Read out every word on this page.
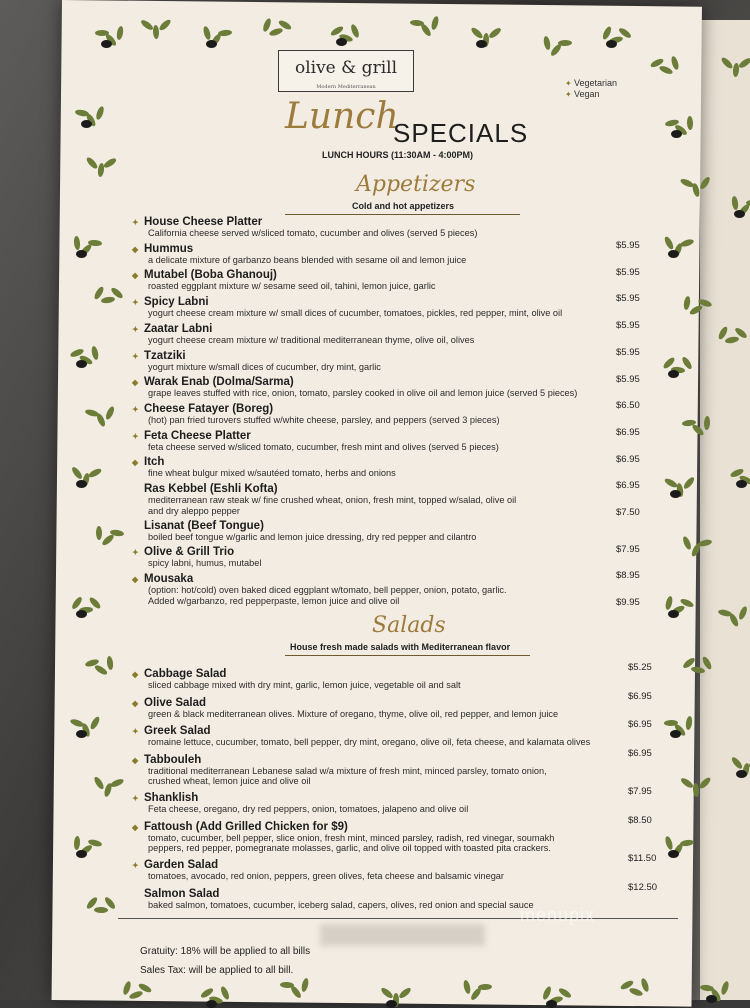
olive & grill
Modern Mediterranean
✦	Vegetarian
✦ Vegan
Lunch
SPECIALS
LUNCH HOURS (11:30AM - 4:00PM)
Appetizers
Cold and hot appetizers
✦ House Cheese Platter
California cheese served w/sliced tomato, cucumber and olives (served 5 pieces)
$5.95
◆ Hummus
a delicate mixture of garbanzo beans blended with sesame oil and lemon juice
$5.95
◆ Mutabel (Boba Ghanouj)
roasted eggplant mixture w/ sesame seed oil, tahini, lemon juice, garlic
$5.95
✦ Spicy Labni
yogurt cheese cream mixture w/ small dices of cucumber, tomatoes, pickles, red pepper, mint, olive oil
$5.95
✦ Zaatar Labni
yogurt cheese cream mixture w/ traditional mediterranean thyme, olive oil, olives
$5.95
✦ Tzatziki
yogurt mixture w/small dices of cucumber, dry mint, garlic
$5.95
◆ Warak Enab (Dolma/Sarma)
grape leaves stuffed with rice, onion, tomato, parsley cooked in olive oil and lemon juice (served 5 pieces)
$6.50
✦ Cheese Fatayer (Boreg)
(hot) pan fried turovers stuffed w/white cheese, parsley, and peppers (served 3 pieces)
$6.95
✦ Feta Cheese Platter
feta cheese served w/sliced tomato, cucumber, fresh mint and olives (served 5 pieces)
$6.95
◆ Itch
fine wheat bulgur mixed w/sautéed tomato, herbs and onions
$6.95
Ras Kebbel (Eshli Kofta)
mediterranean raw steak w/ fine crushed wheat, onion, fresh mint, topped w/salad, olive oil
and dry aleppo pepper	$7.50
Lisanat (Beef Tongue)
boiled beef tongue w/garlic and lemon juice dressing, dry red pepper and cilantro
$7.95
✦ Olive & Grill Trio
spicy labni, humus, mutabel
$8.95
◆ Mousaka
(option: hot/cold) oven baked diced eggplant w/tomato, bell pepper, onion, potato, garlic.
Added w/garbanzo, red pepperpaste, lemon juice and olive oil	$9.95
Salads
House fresh made salads with Mediterranean flavor
◆ Cabbage Salad
sliced cabbage mixed with dry mint, garlic, lemon juice, vegetable oil and salt
$5.25
◆ Olive Salad
green & black mediterranean olives. Mixture of oregano, thyme, olive oil, red pepper, and lemon juice
$6.95
✦ Greek Salad
romaine lettuce, cucumber, tomato, bell pepper, dry mint, oregano, olive oil, feta cheese, and kalamata olives
$6.95
◆ Tabbouleh
traditional mediterranean Lebanese salad w/a mixture of fresh mint, minced parsley, tomato onion,
crushed wheat, lemon juice and olive oil
$6.95
✦ Shanklish
Feta cheese, oregano, dry red peppers, onion, tomatoes, jalapeno and olive oil
$7.95
◆ Fattoush (Add Grilled Chicken for $9)
tomato, cucumber, bell pepper, slice onion, fresh mint, minced parsley, radish, red vinegar, soumakh
peppers, red pepper, pomegranate molasses, garlic, and olive oil topped with toasted pita crackers.
$8.50
✦ Garden Salad
tomatoes, avocado, red onion, peppers, green olives, feta cheese and balsamic vinegar
$11.50
Salmon Salad
baked salmon, tomatoes, cucumber, iceberg salad, capers, olives, red onion and special sauce
$12.50
Gratuity: 18% will be applied to all bills
Sales Tax: will be applied to all bill.
menupix
